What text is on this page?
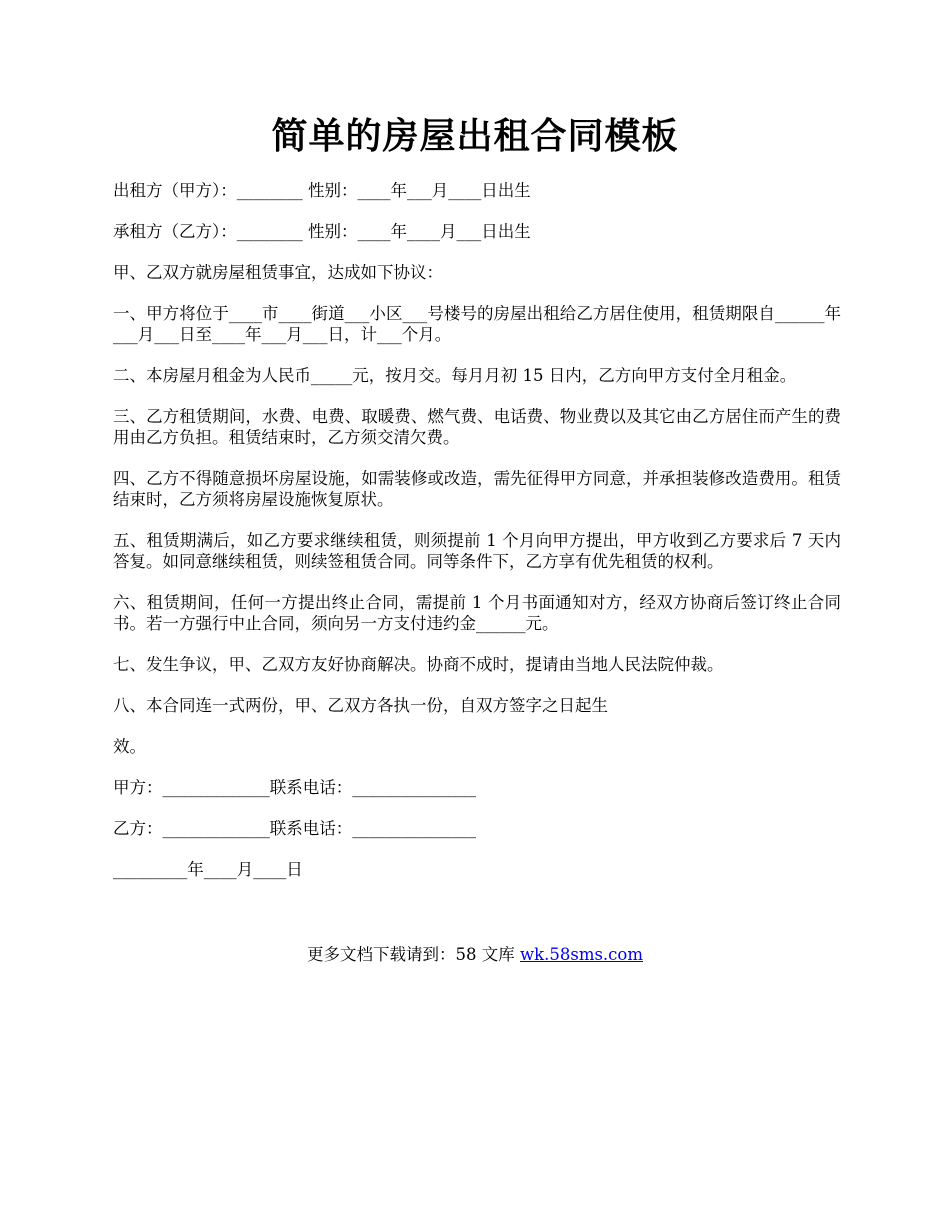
简单的房屋出租合同模板

出租方（甲方）：________ 性别：____年___月____日出生

承租方（乙方）：________ 性别：____年____月___日出生

甲、乙双方就房屋租赁事宜，达成如下协议：

一、甲方将位于____市____街道___小区___号楼号的房屋出租给乙方居住使用，租赁期限自______年___月___日至____年___月___日，计___个月。

二、本房屋月租金为人民币_____元，按月交。每月月初 15 日内，乙方向甲方支付全月租金。

三、乙方租赁期间，水费、电费、取暖费、燃气费、电话费、物业费以及其它由乙方居住而产生的费用由乙方负担。租赁结束时，乙方须交清欠费。

四、乙方不得随意损坏房屋设施，如需装修或改造，需先征得甲方同意，并承担装修改造费用。租赁结束时，乙方须将房屋设施恢复原状。

五、租赁期满后，如乙方要求继续租赁，则须提前 1 个月向甲方提出，甲方收到乙方要求后 7 天内答复。如同意继续租赁，则续签租赁合同。同等条件下，乙方享有优先租赁的权利。

六、租赁期间，任何一方提出终止合同，需提前 1 个月书面通知对方，经双方协商后签订终止合同书。若一方强行中止合同，须向另一方支付违约金______元。

七、发生争议，甲、乙双方友好协商解决。协商不成时，提请由当地人民法院仲裁。

八、本合同连一式两份，甲、乙双方各执一份，自双方签字之日起生

效。

甲方：_____________联系电话：_______________

乙方：_____________联系电话：_______________

_________年____月____日

更多文档下载请到：58 文库 wk.58sms.com
